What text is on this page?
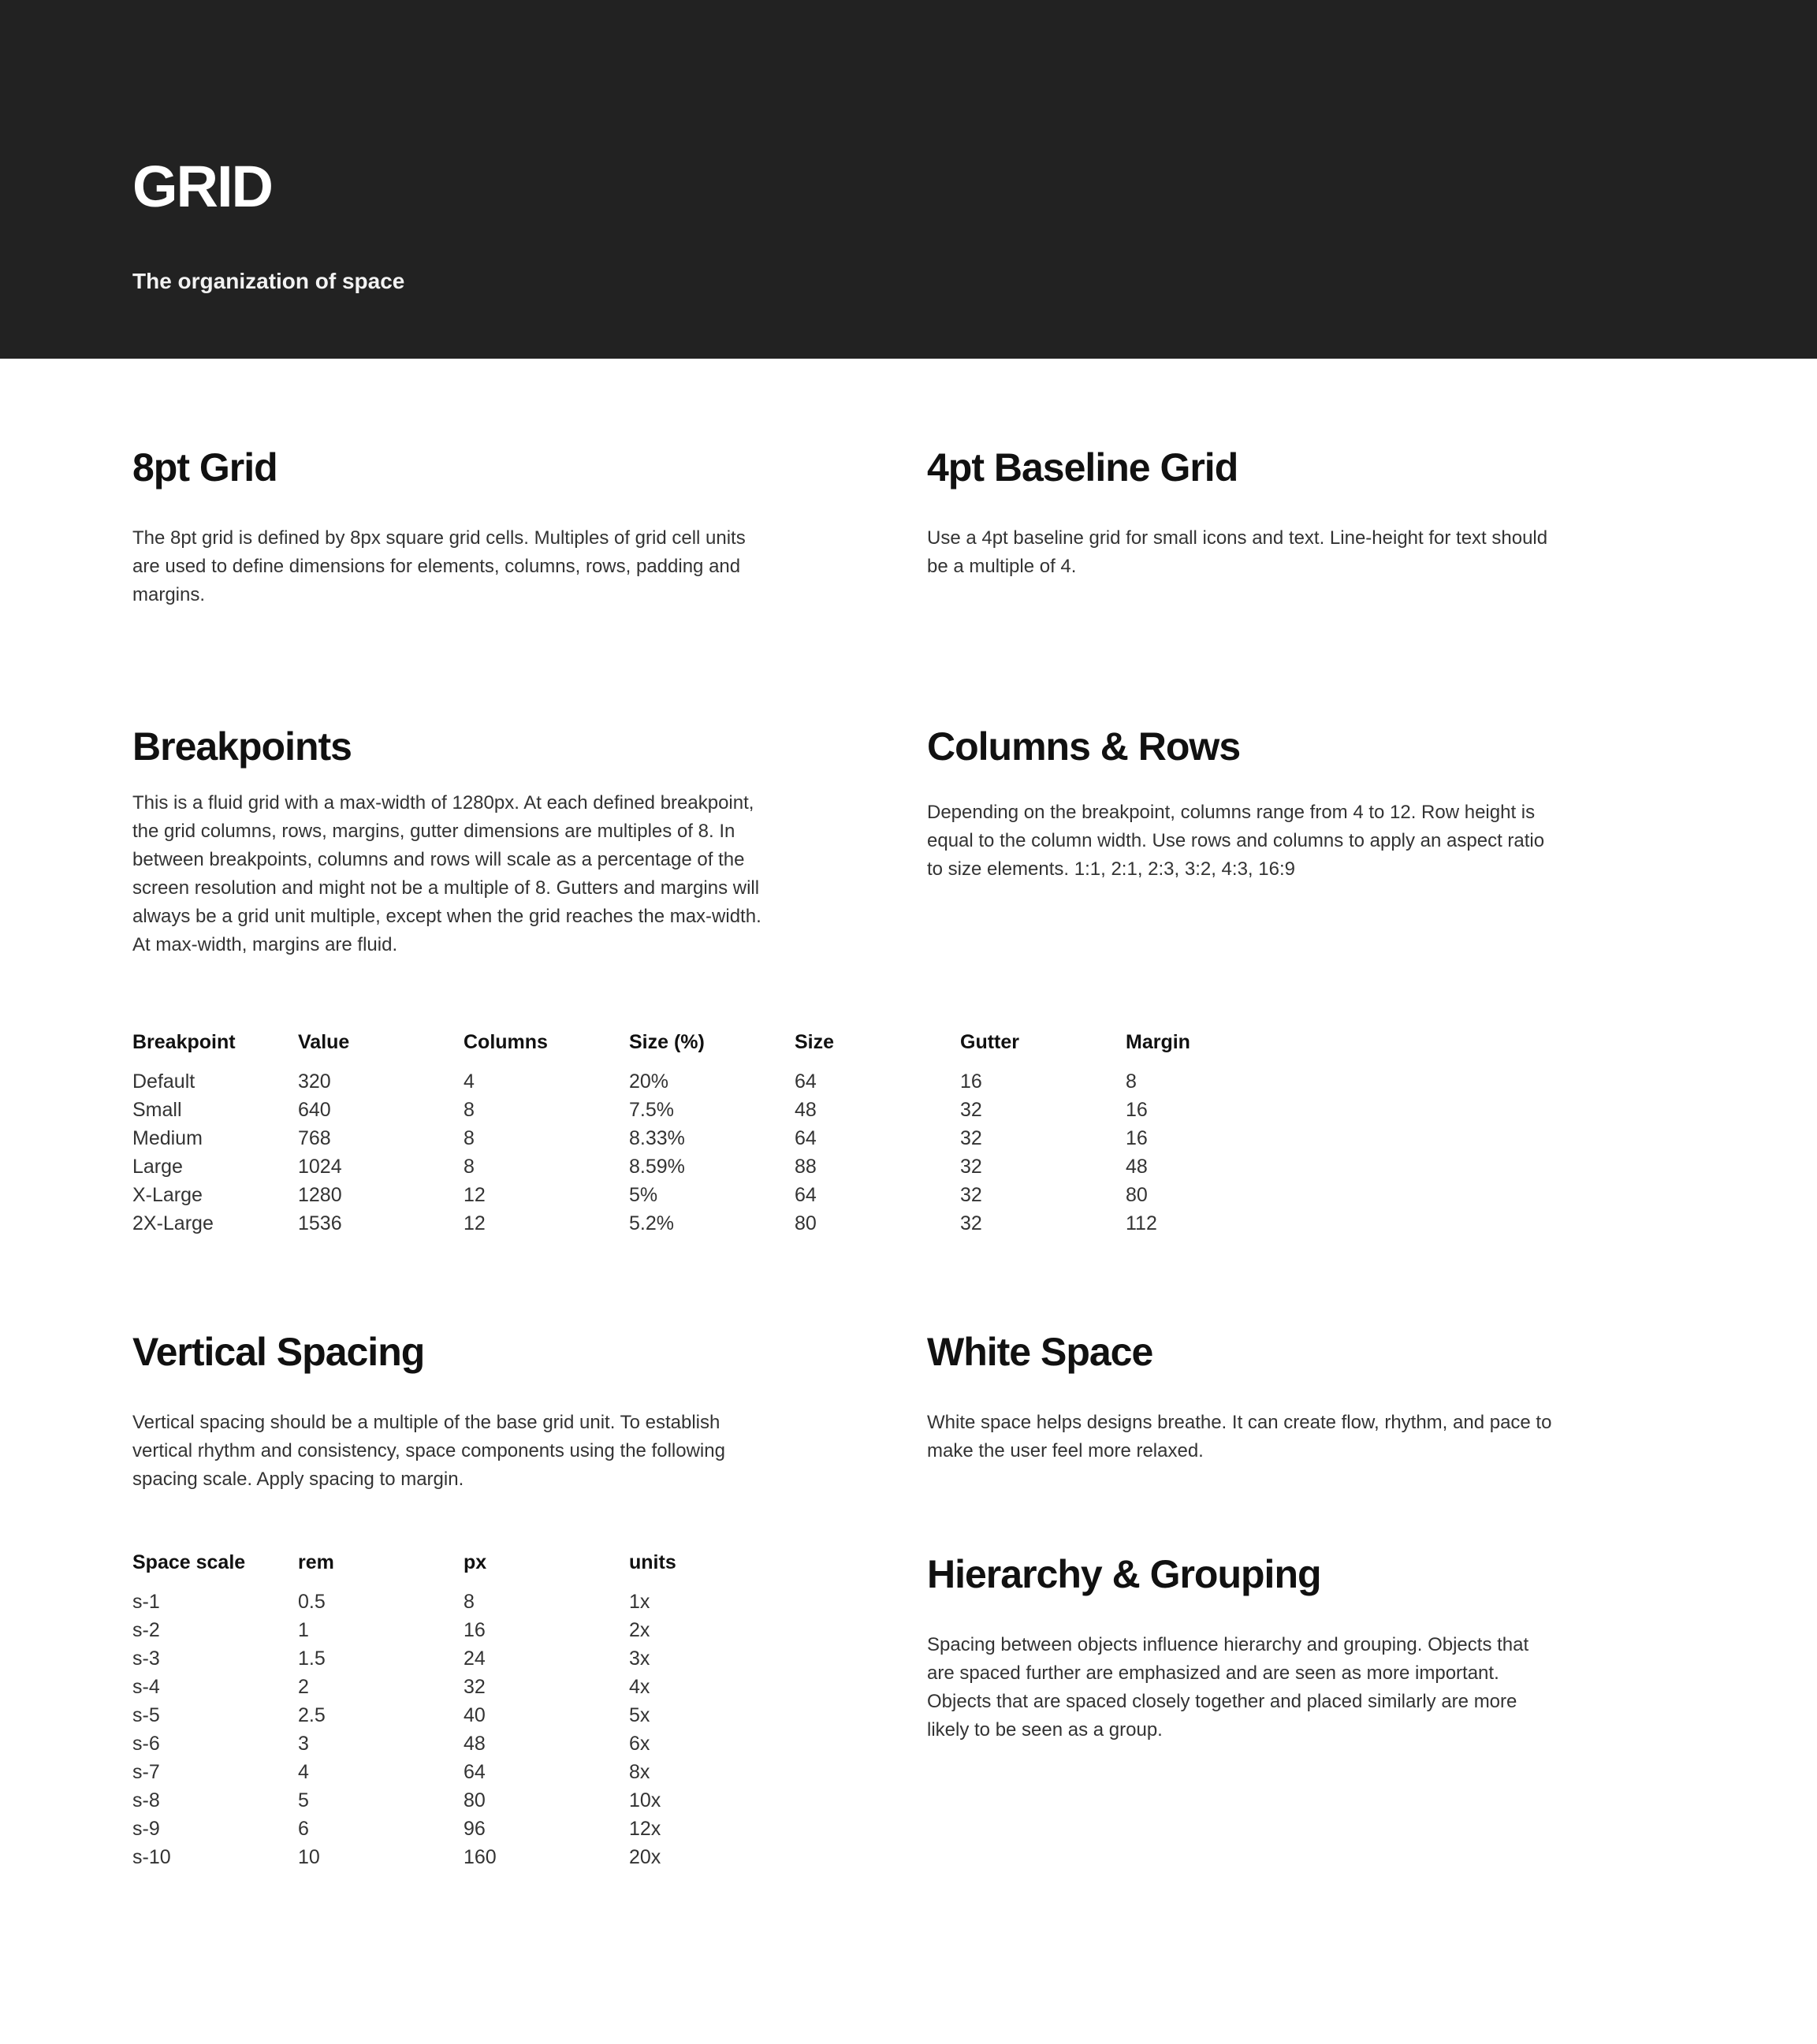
GRID
The organization of space
8pt Grid

The 8pt grid is defined by 8px square grid cells. Multiples of grid cell units are used to define dimensions for elements, columns, rows, padding and margins.

4pt Baseline Grid

Use a 4pt baseline grid for small icons and text. Line-height for text should be a multiple of 4.

Breakpoints

This is a fluid grid with a max-width of 1280px. At each defined breakpoint, the grid columns, rows, margins, gutter dimensions are multiples of 8. In between breakpoints, columns and rows will scale as a percentage of the screen resolution and might not be a multiple of 8. Gutters and margins will always be a grid unit multiple, except when the grid reaches the max-width. At max-width, margins are fluid.

Columns & Rows

Depending on the breakpoint, columns range from 4 to 12. Row height is equal to the column width. Use rows and columns to apply an aspect ratio to size elements. 1:1, 2:1, 2:3, 3:2, 4:3, 16:9

Breakpoint	Value	Columns	Size (%)	Size	Gutter	Margin
Default	320	4	20%	64	16	8
Small	640	8	7.5%	48	32	16
Medium	768	8	8.33%	64	32	16
Large	1024	8	8.59%	88	32	48
X-Large	1280	12	5%	64	32	80
2X-Large	1536	12	5.2%	80	32	112
Vertical Spacing

Vertical spacing should be a multiple of the base grid unit. To establish vertical rhythm and consistency, space components using the following spacing scale. Apply spacing to margin.

White Space

White space helps designs breathe. It can create flow, rhythm, and pace to make the user feel more relaxed.

Hierarchy & Grouping

Spacing between objects influence hierarchy and grouping. Objects that are spaced further are emphasized and are seen as more important. Objects that are spaced closely together and placed similarly are more likely to be seen as a group.

Space scale	rem	px	units
s-1	0.5	8	1x
s-2	1	16	2x
s-3	1.5	24	3x
s-4	2	32	4x
s-5	2.5	40	5x
s-6	3	48	6x
s-7	4	64	8x
s-8	5	80	10x
s-9	6	96	12x
s-10	10	160	20x
